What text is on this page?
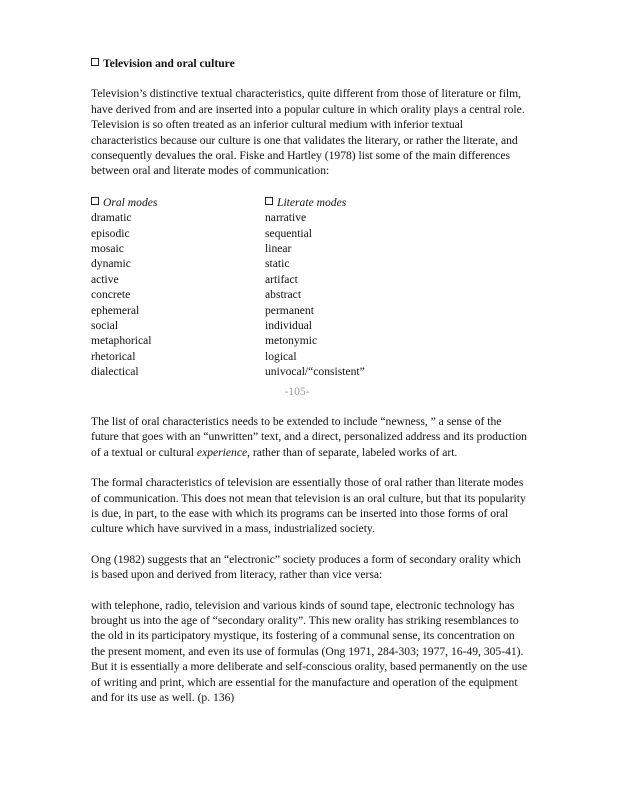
Television and oral culture

Television’s distinctive textual characteristics, quite different from those of literature or film, have derived from and are inserted into a popular culture in which orality plays a central role. Television is so often treated as an inferior cultural medium with inferior textual characteristics because our culture is one that validates the literary, or rather the literate, and consequently devalues the oral. Fiske and Hartley (1978) list some of the main differences between oral and literate modes of communication:

Oral modes
dramatic
episodic
mosaic
dynamic
active
concrete
ephemeral
social
metaphorical
rhetorical
dialectical
Literate modes
narrative
sequential
linear
static
artifact
abstract
permanent
individual
metonymic
logical
univocal/“consistent”
-105-

The list of oral characteristics needs to be extended to include “newness, ” a sense of the future that goes with an “unwritten” text, and a direct, personalized address and its production of a textual or cultural experience, rather than of separate, labeled works of art.

The formal characteristics of television are essentially those of oral rather than literate modes of communication. This does not mean that television is an oral culture, but that its popularity is due, in part, to the ease with which its programs can be inserted into those forms of oral culture which have survived in a mass, industrialized society.

Ong (1982) suggests that an “electronic” society produces a form of secondary orality which is based upon and derived from literacy, rather than vice versa:

with telephone, radio, television and various kinds of sound tape, electronic technology has brought us into the age of “secondary orality”. This new orality has striking resemblances to the old in its participatory mystique, its fostering of a communal sense, its concentration on the present moment, and even its use of formulas (Ong 1971, 284-303; 1977, 16-49, 305-41). But it is essentially a more deliberate and self-conscious orality, based permanently on the use of writing and print, which are essential for the manufacture and operation of the equipment and for its use as well. (p. 136)
